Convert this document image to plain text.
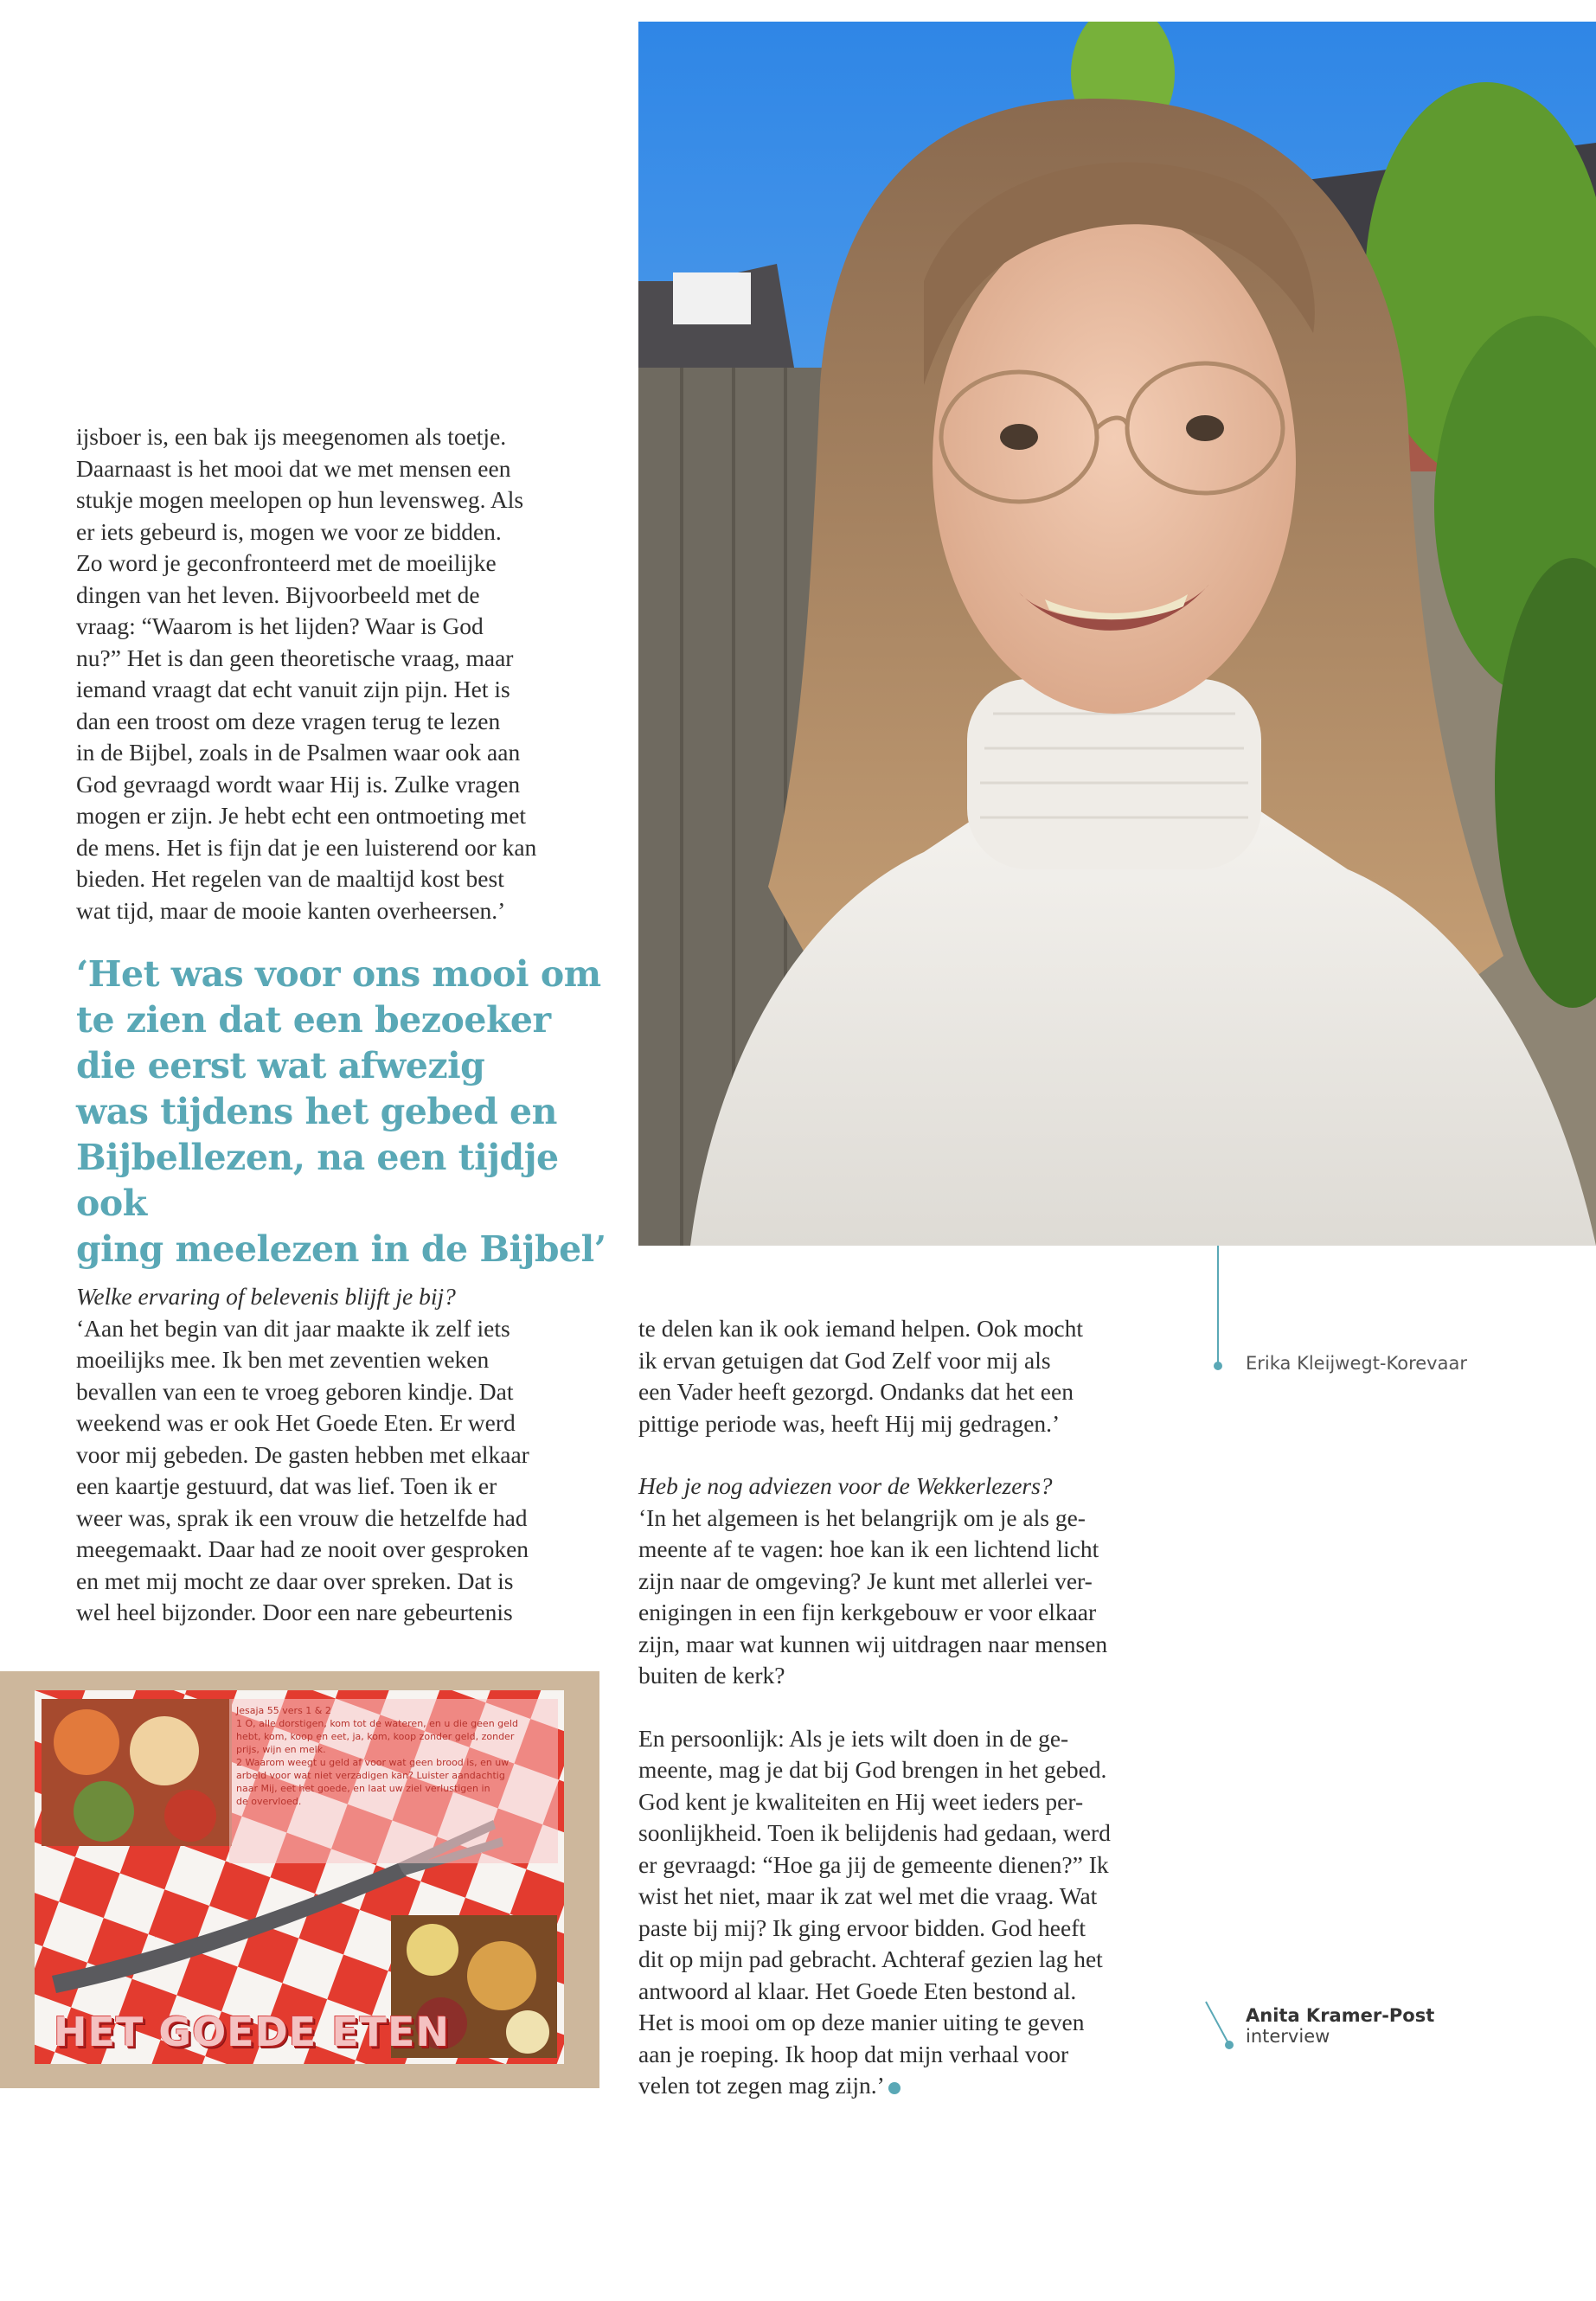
ijsboer is, een bak ijs meegenomen als toetje.
Daarnaast is het mooi dat we met mensen een
stukje mogen meelopen op hun levensweg. Als
er iets gebeurd is, mogen we voor ze bidden.
Zo word je geconfronteerd met de moeilijke
dingen van het leven. Bijvoorbeeld met de
vraag: “Waarom is het lijden? Waar is God
nu?” Het is dan geen theoretische vraag, maar
iemand vraagt dat echt vanuit zijn pijn. Het is
dan een troost om deze vragen terug te lezen
in de Bijbel, zoals in de Psalmen waar ook aan
God gevraagd wordt waar Hij is. Zulke vragen
mogen er zijn. Je hebt echt een ontmoeting met
de mens. Het is fijn dat je een luisterend oor kan
bieden. Het regelen van de maaltijd kost best
wat tijd, maar de mooie kanten overheersen.’

‘Het was voor ons mooi om
te zien dat een bezoeker
die eerst wat afwezig
was tijdens het gebed en
Bijbellezen, na een tijdje ook
ging meelezen in de Bijbel’

Welke ervaring of belevenis blijft je bij?

‘Aan het begin van dit jaar maakte ik zelf iets
moeilijks mee. Ik ben met zeventien weken
bevallen van een te vroeg geboren kindje. Dat
weekend was er ook Het Goede Eten. Er werd
voor mij gebeden. De gasten hebben met elkaar
een kaartje gestuurd, dat was lief. Toen ik er
weer was, sprak ik een vrouw die hetzelfde had
meegemaakt. Daar had ze nooit over gesproken
en met mij mocht ze daar over spreken. Dat is
wel heel bijzonder. Door een nare gebeurtenis

Jesaja 55 vers 1 & 2
1 O, alle dorstigen, kom tot de wateren, en u die geen geld
hebt, kom, koop en eet, ja, kom, koop zonder geld, zonder
prijs, wijn en melk.
2 Waarom weegt u geld af voor wat geen brood is, en uw
arbeid voor wat niet verzadigen kan? Luister aandachtig
naar Mij, eet het goede, en laat uw ziel verlustigen in
de overvloed.
HET GOEDE ETEN

te delen kan ik ook iemand helpen. Ook mocht
ik ervan getuigen dat God Zelf voor mij als
een Vader heeft gezorgd. Ondanks dat het een
pittige periode was, heeft Hij mij gedragen.’

Heb je nog adviezen voor de Wekkerlezers?

‘In het algemeen is het belangrijk om je als ge-
meente af te vagen: hoe kan ik een lichtend licht
zijn naar de omgeving? Je kunt met allerlei ver-
enigingen in een fijn kerkgebouw er voor elkaar
zijn, maar wat kunnen wij uitdragen naar mensen
buiten de kerk?

En persoonlijk: Als je iets wilt doen in de ge-
meente, mag je dat bij God brengen in het gebed.
God kent je kwaliteiten en Hij weet ieders per-
soonlijkheid. Toen ik belijdenis had gedaan, werd
er gevraagd: “Hoe ga jij de gemeente dienen?” Ik
wist het niet, maar ik zat wel met die vraag. Wat
paste bij mij? Ik ging ervoor bidden. God heeft
dit op mijn pad gebracht. Achteraf gezien lag het
antwoord al klaar. Het Goede Eten bestond al.
Het is mooi om op deze manier uiting te geven
aan je roeping. Ik hoop dat mijn verhaal voor
velen tot zegen mag zijn.’

Erika Kleijwegt-Korevaar
Anita Kramer-Post
interview
